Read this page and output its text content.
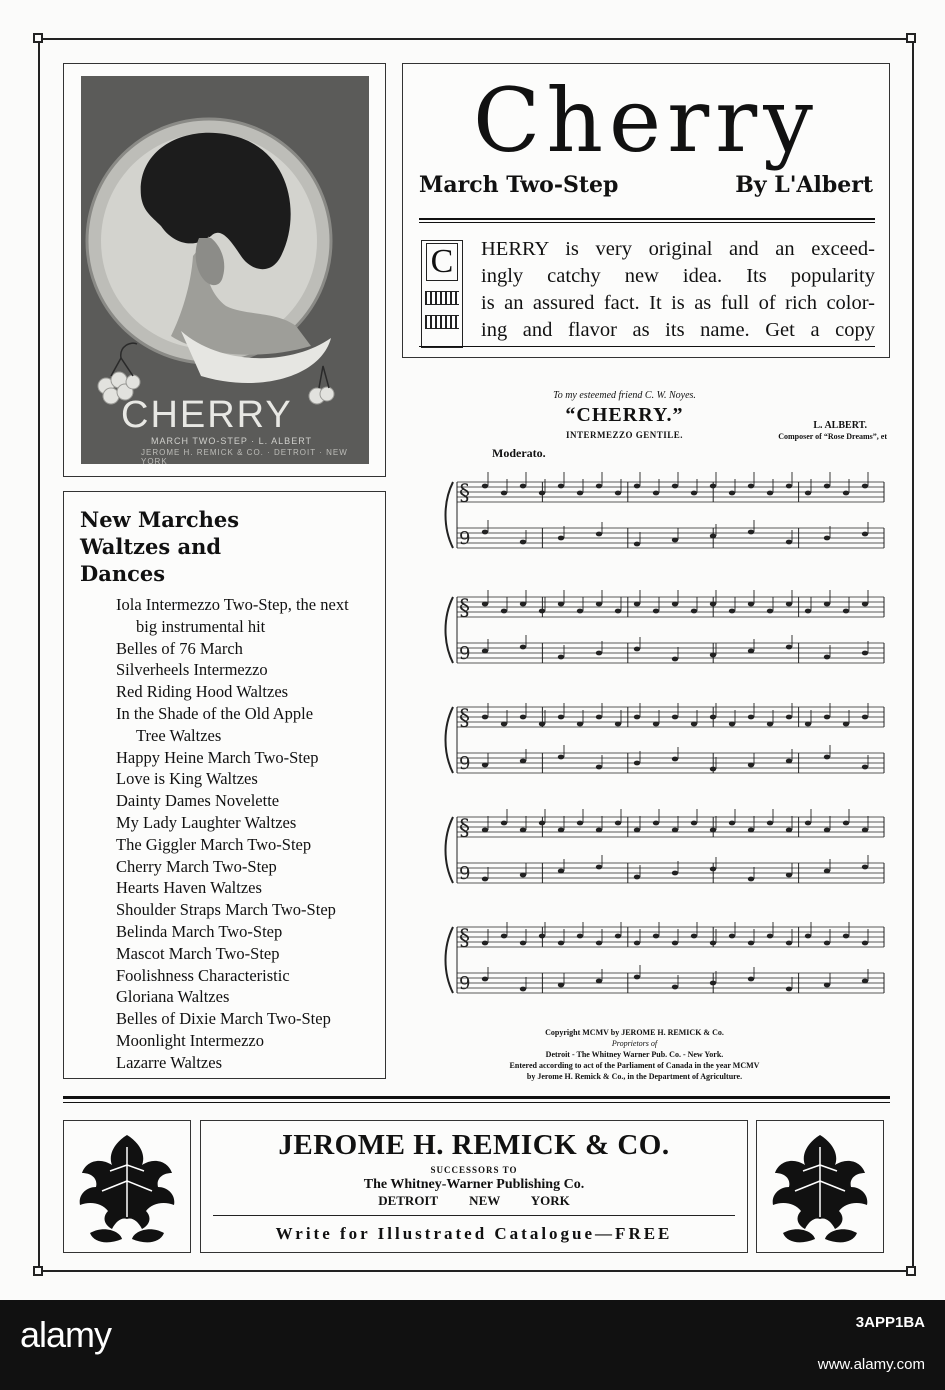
CHERRY
MARCH TWO-STEP · L. ALBERT
JEROME H. REMICK & CO. · DETROIT · NEW YORK
Cherry
March Two-Step	By L'Albert
C HERRY is very original and an exceed-
ingly catchy new idea. Its popularity
is an assured fact. It is as full of rich color-
ing and flavor as its name. Get a copy
New Marches
Waltzes and
Dances
Iola Intermezzo Two-Step, the next
big instrumental hit
Belles of 76 March
Silverheels Intermezzo
Red Riding Hood Waltzes
In the Shade of the Old Apple
Tree Waltzes
Happy Heine March Two-Step
Love is King Waltzes
Dainty Dames Novelette
My Lady Laughter Waltzes
The Giggler March Two-Step
Cherry March Two-Step
Hearts Haven Waltzes
Shoulder Straps March Two-Step
Belinda March Two-Step
Mascot March Two-Step
Foolishness Characteristic
Gloriana Waltzes
Belles of Dixie March Two-Step
Moonlight Intermezzo
Lazarre Waltzes
§
9
§
9
§
9
§
9
§
9
To my esteemed friend C. W. Noyes.
“CHERRY.”
INTERMEZZO GENTILE.
L. ALBERT.
Composer of “Rose Dreams”, et
Moderato.
Copyright MCMV by JEROME H. REMICK & Co.
Proprietors of
Detroit - The Whitney Warner Pub. Co. - New York.
Entered according to act of the Parliament of Canada in the year MCMV
by Jerome H. Remick & Co., in the Department of Agriculture.
JEROME H. REMICK & CO.
SUCCESSORS TO
The Whitney-Warner Publishing Co.
DETROIT NEW YORK
Write for Illustrated Catalogue—FREE
alamy	3APP1BA
www.alamy.com
